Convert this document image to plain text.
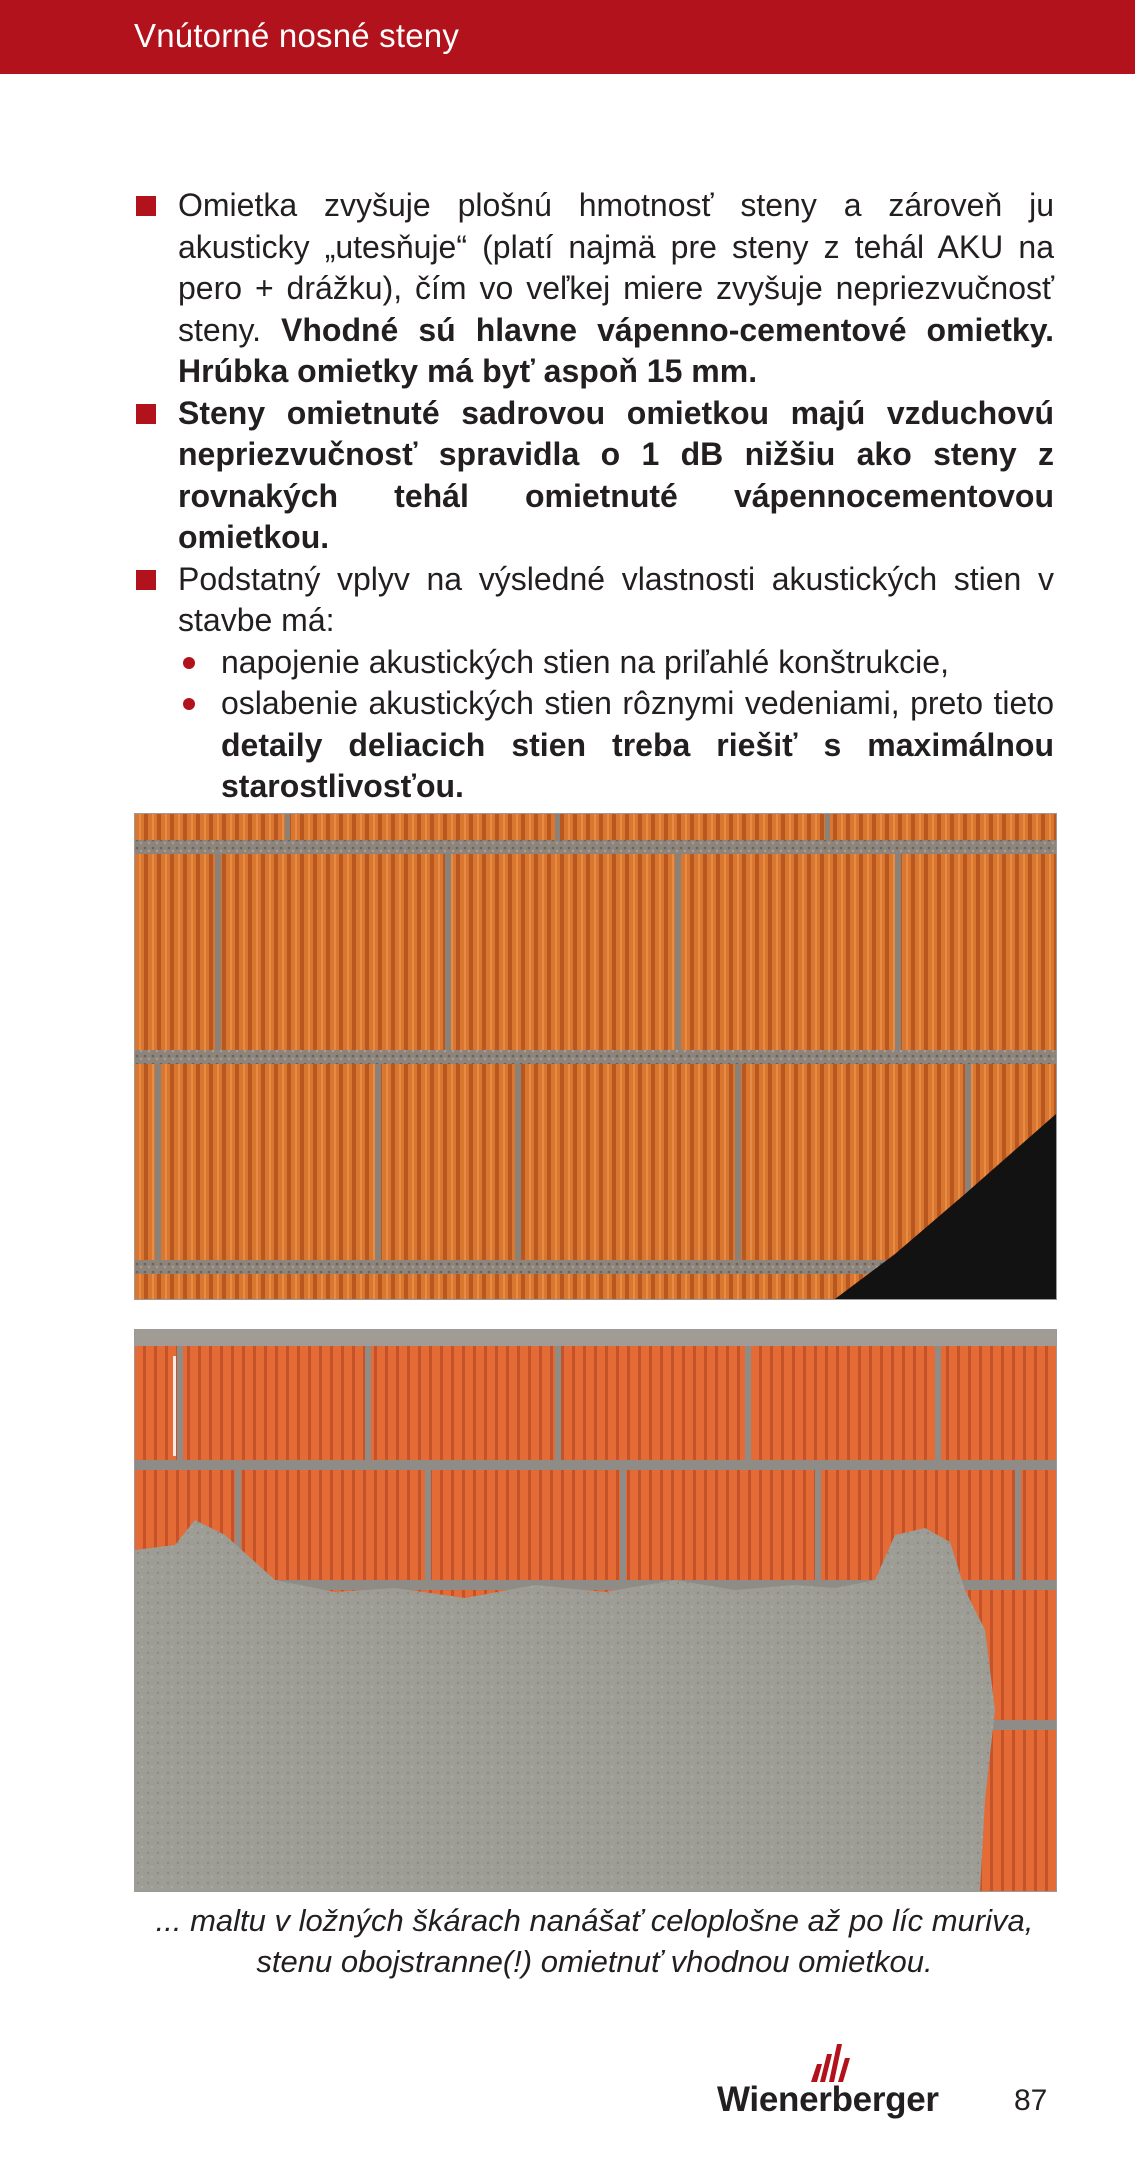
Vnútorné nosné steny
Omietka zvyšuje plošnú hmotnosť steny a zároveň ju akusticky „utesňuje“ (platí najmä pre steny z tehál AKU na pero + drážku), čím vo veľkej miere zvyšuje nepriezvučnosť steny. Vhodné sú hlavne vápenno-cementové omietky. Hrúbka omietky má byť aspoň 15 mm.
Steny omietnuté sadrovou omietkou majú vzduchovú nepriezvučnosť spravidla o 1 dB nižšiu ako steny z rovnakých tehál omietnuté vápennocementovou omietkou.
Podstatný vplyv na výsledné vlastnosti akustických stien v stavbe má:
napojenie akustických stien na priľahlé konštrukcie,
oslabenie akustických stien rôznymi vedeniami, preto tieto detaily deliacich stien treba riešiť s maximálnou starostlivosťou.
... maltu v ložných škárach nanášať celoplošne až po líc muriva,
stenu obojstranne(!) omietnuť vhodnou omietkou.
Wienerberger	87
